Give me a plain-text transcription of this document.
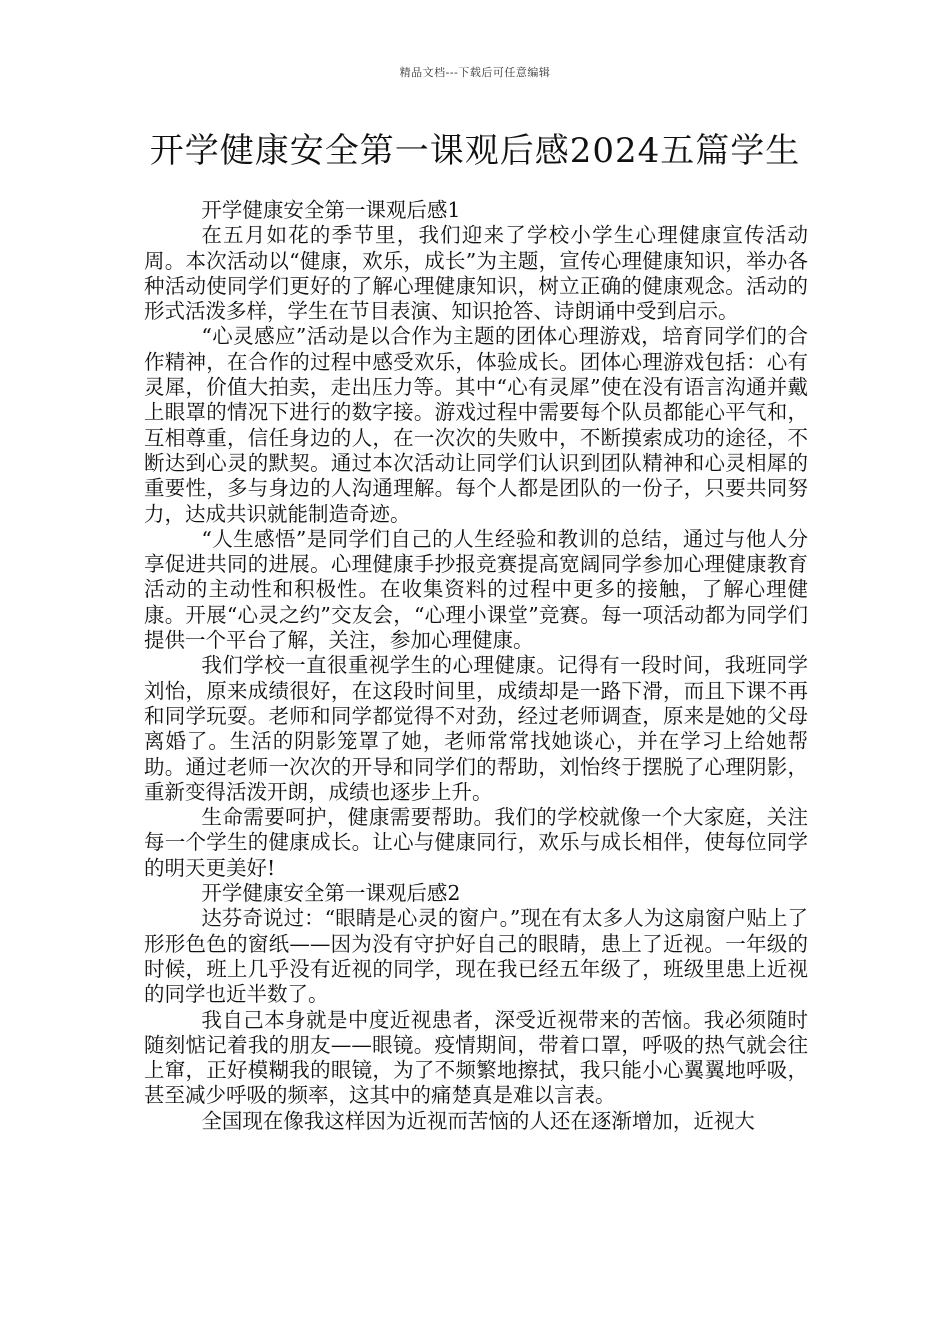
精品文档---下载后可任意编辑
开学健康安全第一课观后感2024五篇学生

开学健康安全第一课观后感1

在五月如花的季节里，我们迎来了学校小学生心理健康宣传活动周。本次活动以“健康，欢乐，成长”为主题，宣传心理健康知识，举办各种活动使同学们更好的了解心理健康知识，树立正确的健康观念。活动的形式活泼多样，学生在节目表演、知识抢答、诗朗诵中受到启示。

“心灵感应”活动是以合作为主题的团体心理游戏，培育同学们的合作精神，在合作的过程中感受欢乐，体验成长。团体心理游戏包括：心有灵犀，价值大拍卖，走出压力等。其中“心有灵犀”使在没有语言沟通并戴上眼罩的情况下进行的数字接。游戏过程中需要每个队员都能心平气和，互相尊重，信任身边的人，在一次次的失败中，不断摸索成功的途径，不断达到心灵的默契。通过本次活动让同学们认识到团队精神和心灵相犀的重要性，多与身边的人沟通理解。每个人都是团队的一份子，只要共同努力，达成共识就能制造奇迹。

“人生感悟”是同学们自己的人生经验和教训的总结，通过与他人分享促进共同的进展。心理健康手抄报竞赛提高宽阔同学参加心理健康教育活动的主动性和积极性。在收集资料的过程中更多的接触，了解心理健康。开展“心灵之约”交友会，“心理小课堂”竞赛。每一项活动都为同学们提供一个平台了解，关注，参加心理健康。

我们学校一直很重视学生的心理健康。记得有一段时间，我班同学刘怡，原来成绩很好，在这段时间里，成绩却是一路下滑，而且下课不再和同学玩耍。老师和同学都觉得不对劲，经过老师调查，原来是她的父母离婚了。生活的阴影笼罩了她，老师常常找她谈心，并在学习上给她帮助。通过老师一次次的开导和同学们的帮助，刘怡终于摆脱了心理阴影，重新变得活泼开朗，成绩也逐步上升。

生命需要呵护，健康需要帮助。我们的学校就像一个大家庭，关注每一个学生的健康成长。让心与健康同行，欢乐与成长相伴，使每位同学的明天更美好!

开学健康安全第一课观后感2

达芬奇说过：“眼睛是心灵的窗户。”现在有太多人为这扇窗户贴上了形形色色的窗纸——因为没有守护好自己的眼睛，患上了近视。一年级的时候，班上几乎没有近视的同学，现在我已经五年级了，班级里患上近视的同学也近半数了。

我自己本身就是中度近视患者，深受近视带来的苦恼。我必须随时随刻惦记着我的朋友——眼镜。疫情期间，带着口罩，呼吸的热气就会往上窜，正好模糊我的眼镜，为了不频繁地擦拭，我只能小心翼翼地呼吸，甚至减少呼吸的频率，这其中的痛楚真是难以言表。

全国现在像我这样因为近视而苦恼的人还在逐渐增加，近视大
